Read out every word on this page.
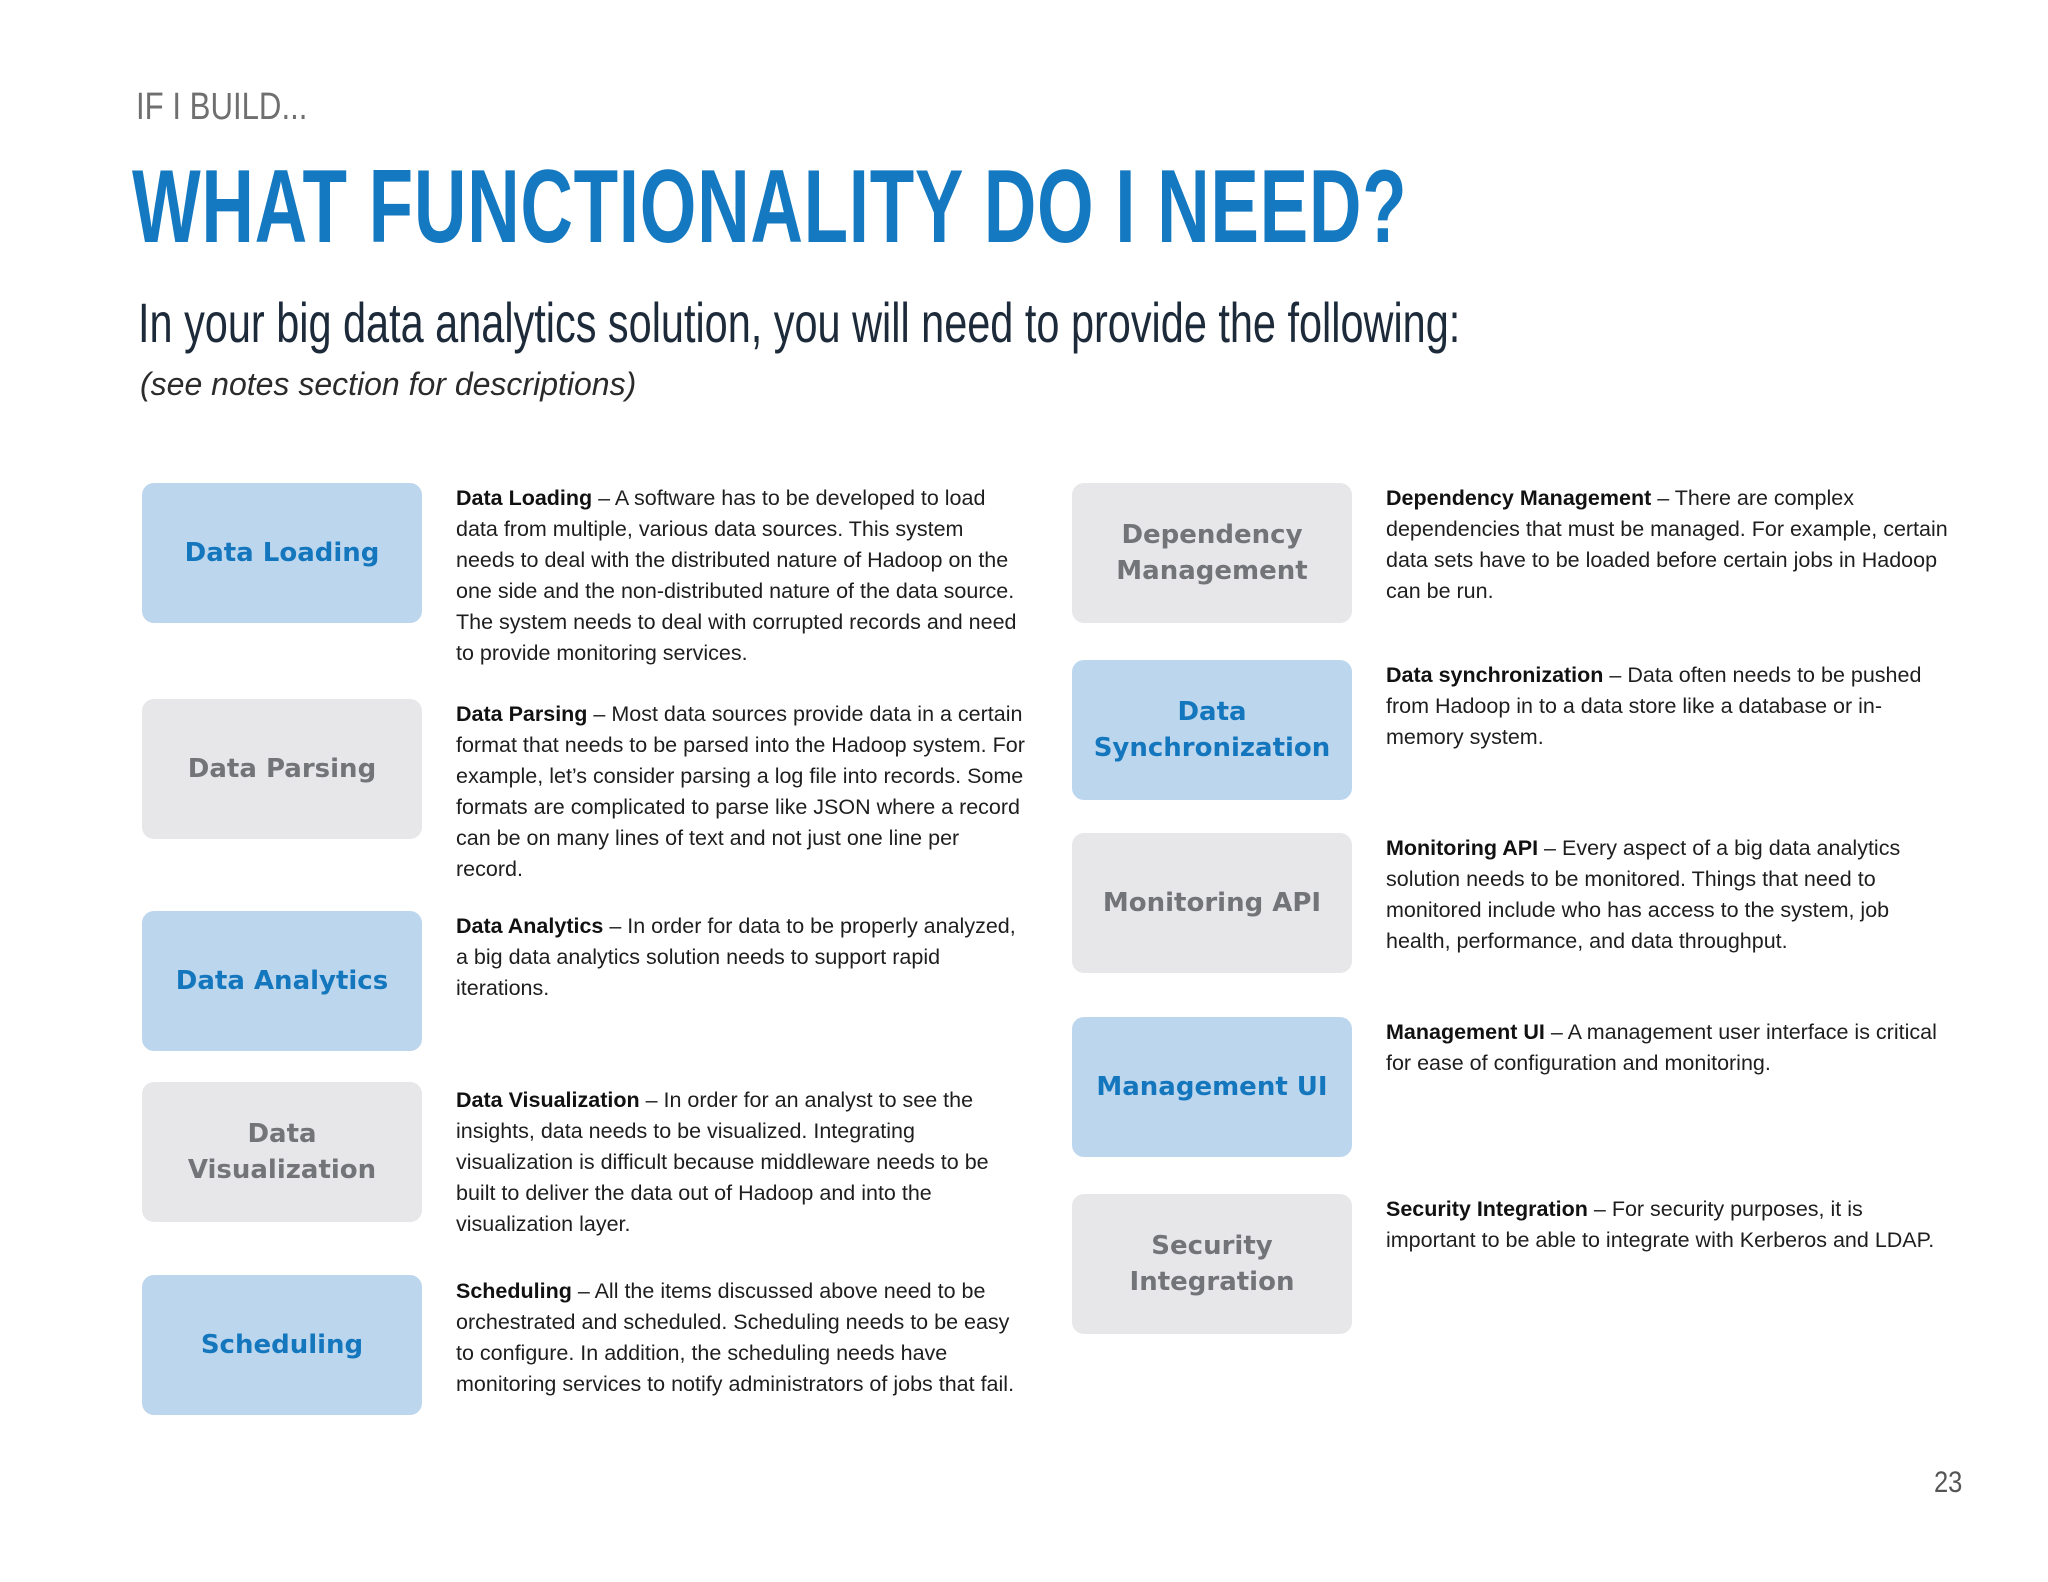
IF I BUILD...
WHAT FUNCTIONALITY DO I NEED?
In your big data analytics solution, you will need to provide the following:
(see notes section for descriptions)
Data Loading
Data Loading – A software has to be developed to load data from multiple, various data sources. This system needs to deal with the distributed nature of Hadoop on the one side and the non-distributed nature of the data source. The system needs to deal with corrupted records and need to provide monitoring services.
Data Parsing
Data Parsing – Most data sources provide data in a certain format that needs to be parsed into the Hadoop system. For example, let’s consider parsing a log file into records. Some formats are complicated to parse like JSON where a record can be on many lines of text and not just one line per record.
Data Analytics
Data Analytics – In order for data to be properly analyzed, a big data analytics solution needs to support rapid iterations.
Data Visualization
Data Visualization – In order for an analyst to see the insights, data needs to be visualized. Integrating visualization is difficult because middleware needs to be built to deliver the data out of Hadoop and into the visualization layer.
Scheduling
Scheduling – All the items discussed above need to be orchestrated and scheduled. Scheduling needs to be easy to configure. In addition, the scheduling needs have monitoring services to notify administrators of jobs that fail.
Dependency Management
Dependency Management – There are complex dependencies that must be managed. For example, certain data sets have to be loaded before certain jobs in Hadoop can be run.
Data Synchronization
Data synchronization – Data often needs to be pushed from Hadoop in to a data store like a database or in-memory system.
Monitoring API
Monitoring API – Every aspect of a big data analytics solution needs to be monitored. Things that need to monitored include who has access to the system, job health, performance, and data throughput.
Management UI
Management UI – A management user interface is critical for ease of configuration and monitoring.
Security Integration
Security Integration – For security purposes, it is important to be able to integrate with Kerberos and LDAP.
23
